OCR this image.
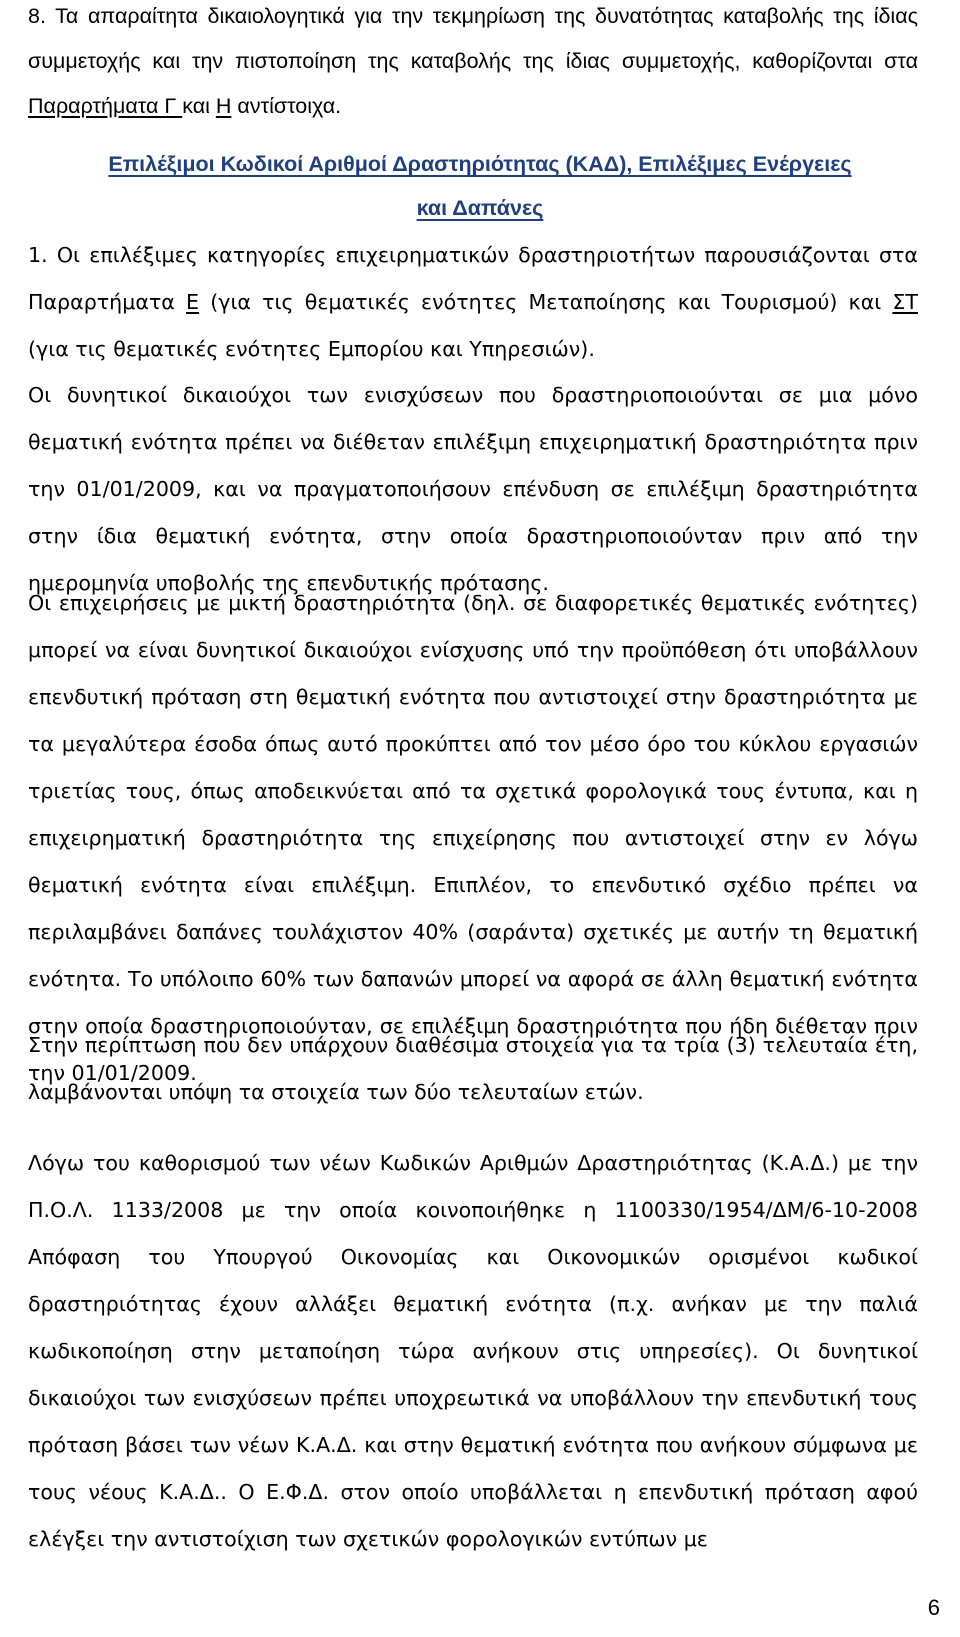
8. Τα απαραίτητα δικαιολογητικά για την τεκμηρίωση της δυνατότητας καταβολής της ίδιας συμμετοχής και την πιστοποίηση της καταβολής της ίδιας συμμετοχής, καθορίζονται στα Παραρτήματα Γ και Η αντίστοιχα.

Επιλέξιμοι Κωδικοί Αριθμοί Δραστηριότητας (ΚΑΔ), Επιλέξιμες Ενέργειες
και Δαπάνες

1. Οι επιλέξιμες κατηγορίες επιχειρηματικών δραστηριοτήτων παρουσιάζονται στα Παραρτήματα Ε (για τις θεματικές ενότητες Μεταποίησης και Τουρισμού) και ΣΤ (για τις θεματικές ενότητες Εμπορίου και Υπηρεσιών).

Οι δυνητικοί δικαιούχοι των ενισχύσεων που δραστηριοποιούνται σε μια μόνο θεματική ενότητα πρέπει να διέθεταν επιλέξιμη επιχειρηματική δραστηριότητα πριν την 01/01/2009, και να πραγματοποιήσουν επένδυση σε επιλέξιμη δραστηριότητα στην ίδια θεματική ενότητα, στην οποία δραστηριοποιούνταν πριν από την ημερομηνία υποβολής της επενδυτικής πρότασης.

Οι επιχειρήσεις με μικτή δραστηριότητα (δηλ. σε διαφορετικές θεματικές ενότητες) μπορεί να είναι δυνητικοί δικαιούχοι ενίσχυσης υπό την προϋπόθεση ότι υποβάλλουν επενδυτική πρόταση στη θεματική ενότητα που αντιστοιχεί στην δραστηριότητα με τα μεγαλύτερα έσοδα όπως αυτό προκύπτει από τον μέσο όρο του κύκλου εργασιών τριετίας τους, όπως αποδεικνύεται από τα σχετικά φορολογικά τους έντυπα, και η επιχειρηματική δραστηριότητα της επιχείρησης που αντιστοιχεί στην εν λόγω θεματική ενότητα είναι επιλέξιμη. Επιπλέον, το επενδυτικό σχέδιο πρέπει να περιλαμβάνει δαπάνες τουλάχιστον 40% (σαράντα) σχετικές με αυτήν τη θεματική ενότητα. Το υπόλοιπο 60% των δαπανών μπορεί να αφορά σε άλλη θεματική ενότητα στην οποία δραστηριοποιούνταν, σε επιλέξιμη δραστηριότητα που ήδη διέθεταν πριν την 01/01/2009.

Στην περίπτωση που δεν υπάρχουν διαθέσιμα στοιχεία για τα τρία (3) τελευταία έτη, λαμβάνονται υπόψη τα στοιχεία των δύο τελευταίων ετών.

Λόγω του καθορισμού των νέων Κωδικών Αριθμών Δραστηριότητας (Κ.Α.Δ.) με την Π.Ο.Λ. 1133/2008 με την οποία κοινοποιήθηκε η 1100330/1954/ΔΜ/6-10-2008 Απόφαση του Υπουργού Οικονομίας και Οικονομικών ορισμένοι κωδικοί δραστηριότητας έχουν αλλάξει θεματική ενότητα (π.χ. ανήκαν με την παλιά κωδικοποίηση στην μεταποίηση τώρα ανήκουν στις υπηρεσίες). Οι δυνητικοί δικαιούχοι των ενισχύσεων πρέπει υποχρεωτικά να υποβάλλουν την επενδυτική τους πρόταση βάσει των νέων Κ.Α.Δ. και στην θεματική ενότητα που ανήκουν σύμφωνα με τους νέους Κ.Α.Δ.. Ο Ε.Φ.Δ. στον οποίο υποβάλλεται η επενδυτική πρόταση αφού ελέγξει την αντιστοίχιση των σχετικών φορολογικών εντύπων με

6
